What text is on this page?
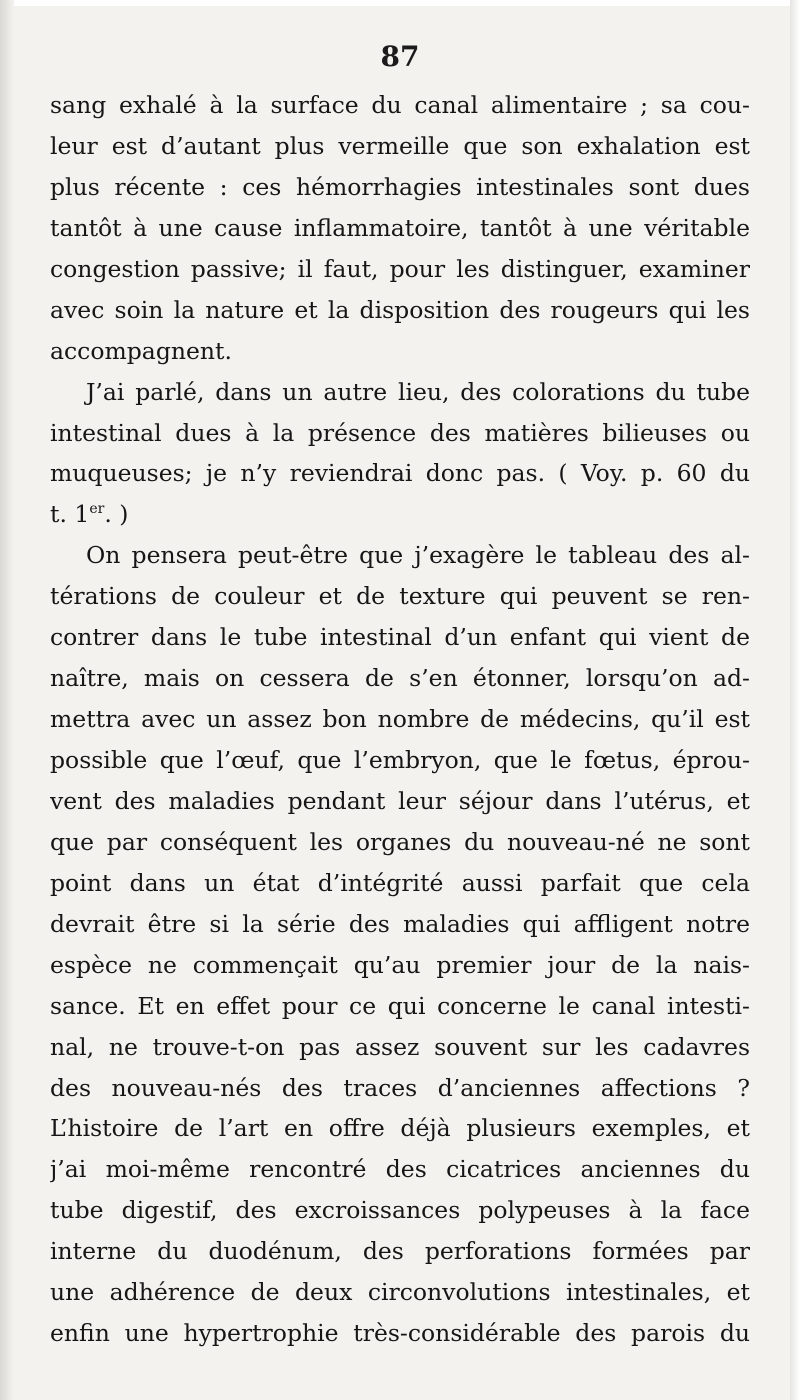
87
sang exhalé à la surface du canal alimentaire ; sa cou-
leur est d’autant plus vermeille que son exhalation est
plus récente : ces hémorrhagies intestinales sont dues
tantôt à une cause inflammatoire, tantôt à une véritable
congestion passive; il faut, pour les distinguer, examiner
avec soin la nature et la disposition des rougeurs qui les
accompagnent.
J’ai parlé, dans un autre lieu, des colorations du tube
intestinal dues à la présence des matières bilieuses ou
muqueuses; je n’y reviendrai donc pas. ( Voy. p. 60 du
t. 1er. )
On pensera peut-être que j’exagère le tableau des al-
térations de couleur et de texture qui peuvent se ren-
contrer dans le tube intestinal d’un enfant qui vient de
naître, mais on cessera de s’en étonner, lorsqu’on ad-
mettra avec un assez bon nombre de médecins, qu’il est
possible que l’œuf, que l’embryon, que le fœtus, éprou-
vent des maladies pendant leur séjour dans l’utérus, et
que par conséquent les organes du nouveau-né ne sont
point dans un état d’intégrité aussi parfait que cela
devrait être si la série des maladies qui affligent notre
espèce ne commençait qu’au premier jour de la nais-
sance. Et en effet pour ce qui concerne le canal intesti-
nal, ne trouve-t-on pas assez souvent sur les cadavres
des nouveau-nés des traces d’anciennes affections ?
L’histoire de l’art en offre déjà plusieurs exemples, et
j’ai moi-même rencontré des cicatrices anciennes du
tube digestif, des excroissances polypeuses à la face
interne du duodénum, des perforations formées par
une adhérence de deux circonvolutions intestinales, et
enfin une hypertrophie très-considérable des parois du
